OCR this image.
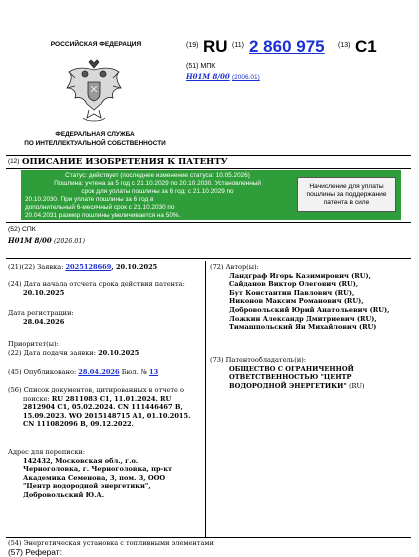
РОССИЙСКАЯ ФЕДЕРАЦИЯ
ФЕДЕРАЛЬНАЯ СЛУЖБА
ПО ИНТЕЛЛЕКТУАЛЬНОЙ СОБСТВЕННОСТИ
(19) RU (11) 2 860 975 (13) C1
(51) МПК
H01M 8/00 (2006.01)
(12) ОПИСАНИЕ ИЗОБРЕТЕНИЯ К ПАТЕНТУ
Статус: действует (последнее изменение статуса: 10.05.2026)
Пошлина: учтена за 5 год с 21.10.2029 по 20.10.2030. Установленный
срок для уплаты пошлины за 6 год: с 21.10.2029 по
20.10.2030. При уплате пошлины за 6 год в
дополнительный 6-месячный срок с 21.10.2030 по
20.04.2031 размер пошлины увеличивается на 50%.
Начисление для уплаты пошлины за поддержание патента в силе
(52) СПК
H01M 8/00 (2026.01)
(21)(22) Заявка: 2025128669, 20.10.2025
(24) Дата начала отсчета срока действия патента:
20.10.2025
Дата регистрации:
28.04.2026
Приоритет(ы):
(22) Дата подачи заявки: 20.10.2025
(45) Опубликовано: 28.04.2026 Бюл. № 13
(56) Список документов, цитированных в отчете о
поиске: RU 2811083 C1, 11.01.2024. RU
2812904 C1, 05.02.2024. CN 111446467 B,
15.09.2023. WO 2015148715 A1, 01.10.2015.
CN 111082096 B, 09.12.2022.
Адрес для переписки:
142432, Московская обл., г.о.
Черноголовка, г. Черноголовка, пр-кт
Академика Семенова, 3, пом. 3, ООО
"Центр водородной энергетики",
Добровольский Ю.А.
(72) Автор(ы):
Ландграф Игорь Казимирович (RU),
Сайданов Виктор Олегович (RU),
Бут Константин Павлович (RU),
Никонов Максим Романович (RU),
Добровольский Юрий Анатольевич (RU),
Ложкин Александр Дмитриевич (RU),
Тимашпольский Ян Михайлович (RU)
(73) Патентообладатель(и):
ОБЩЕСТВО С ОГРАНИЧЕННОЙ
ОТВЕТСТВЕННОСТЬЮ "ЦЕНТР
ВОДОРОДНОЙ ЭНЕРГЕТИКИ" (RU)
(54) Энергетическая установка с топливными элементами
(57) Реферат:
